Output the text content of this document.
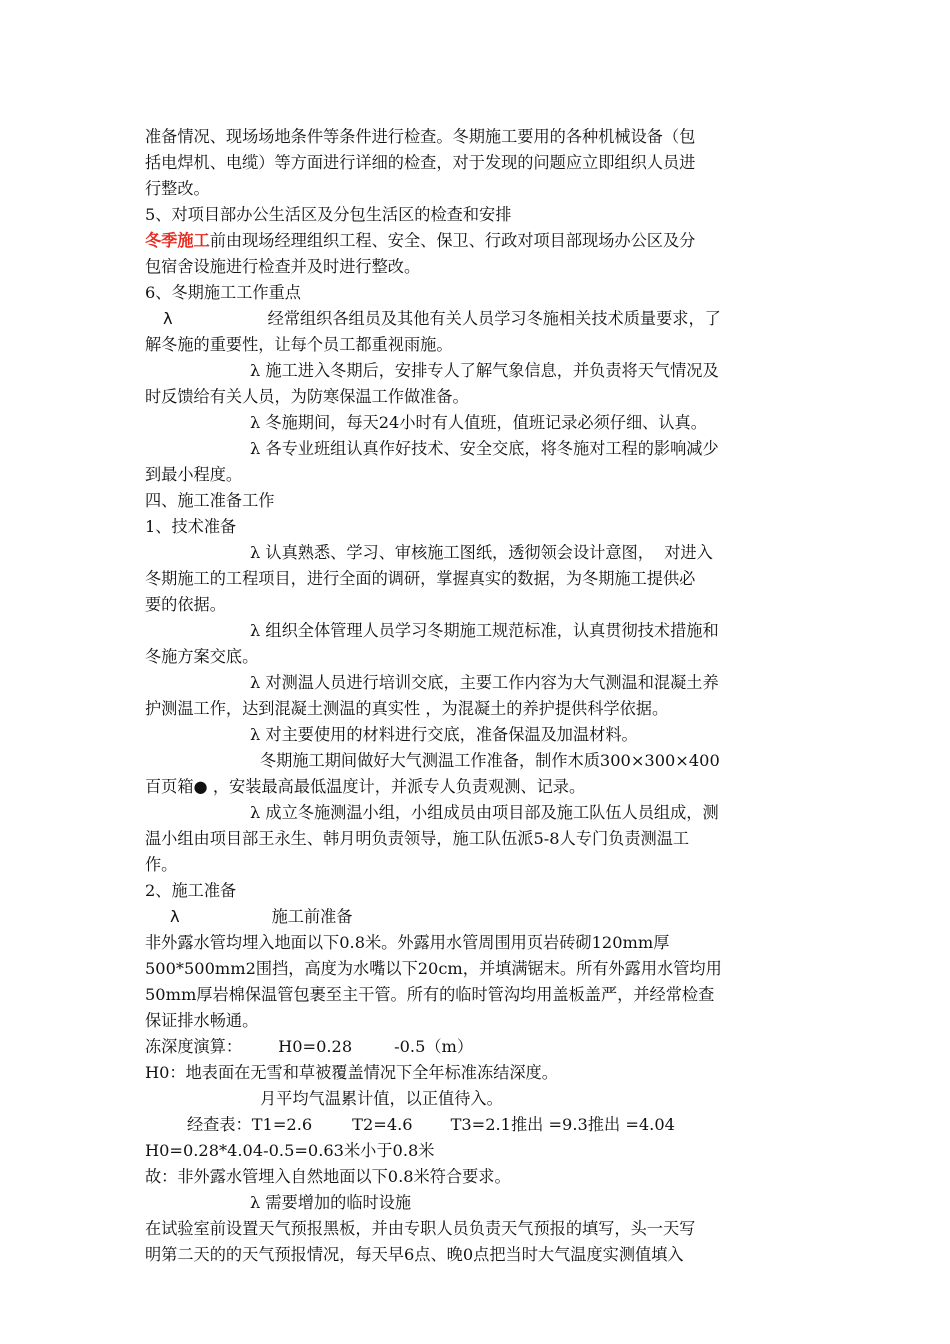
准备情况、现场场地条件等条件进行检查。冬期施工要用的各种机械设备（包
括电焊机、电缆）等方面进行详细的检查，对于发现的问题应立即组织人员进
行整改。
5、对项目部办公生活区及分包生活区的检查和安排
冬季施工前由现场经理组织工程、安全、保卫、行政对项目部现场办公区及分
包宿舍设施进行检查并及时进行整改。
6、冬期施工工作重点
λ	经常组织各组员及其他有关人员学习冬施相关技术质量要求，了
解冬施的重要性，让每个员工都重视雨施。
λ 施工进入冬期后，安排专人了解气象信息，并负责将天气情况及
时反馈给有关人员，为防寒保温工作做准备。
λ 冬施期间，每天24小时有人值班，值班记录必须仔细、认真。
λ 各专业班组认真作好技术、安全交底，将冬施对工程的影响减少
到最小程度。
四、施工准备工作
1、技术准备
λ 认真熟悉、学习、审核施工图纸，透彻领会设计意图，  对进入
冬期施工的工程项目，进行全面的调研，掌握真实的数据，为冬期施工提供必
要的依据。
λ 组织全体管理人员学习冬期施工规范标准，认真贯彻技术措施和
冬施方案交底。
λ 对测温人员进行培训交底，主要工作内容为大气测温和混凝土养
护测温工作，达到混凝土测温的真实性 ，为混凝土的养护提供科学依据。
λ 对主要使用的材料进行交底，准备保温及加温材料。
冬期施工期间做好大气测温工作准备，制作木质300×300×400
百页箱● ，安装最高最低温度计，并派专人负责观测、记录。
λ 成立冬施测温小组，小组成员由项目部及施工队伍人员组成，测
温小组由项目部王永生、韩月明负责领导，施工队伍派5-8人专门负责测温工
作。
2、施工准备
λ	施工前准备
非外露水管均埋入地面以下0.8米。外露用水管周围用页岩砖砌120mm厚
500*500mm2围挡，高度为水嘴以下20cm，并填满锯末。所有外露用水管均用
50mm厚岩棉保温管包裹至主干管。所有的临时管沟均用盖板盖严，并经常检查
保证排水畅通。
冻深度演算： H0=0.28	-0.5（m）
H0：地表面在无雪和草被覆盖情况下全年标准冻结深度。
月平均气温累计值，以正值待入。
经查表：T1=2.6 T2=4.6 T3=2.1推出 =9.3推出 =4.04
H0=0.28*4.04-0.5=0.63米小于0.8米
故：非外露水管埋入自然地面以下0.8米符合要求。
λ 需要增加的临时设施
在试验室前设置天气预报黑板，并由专职人员负责天气预报的填写，头一天写
明第二天的的天气预报情况，每天早6点、晚0点把当时大气温度实测值填入
